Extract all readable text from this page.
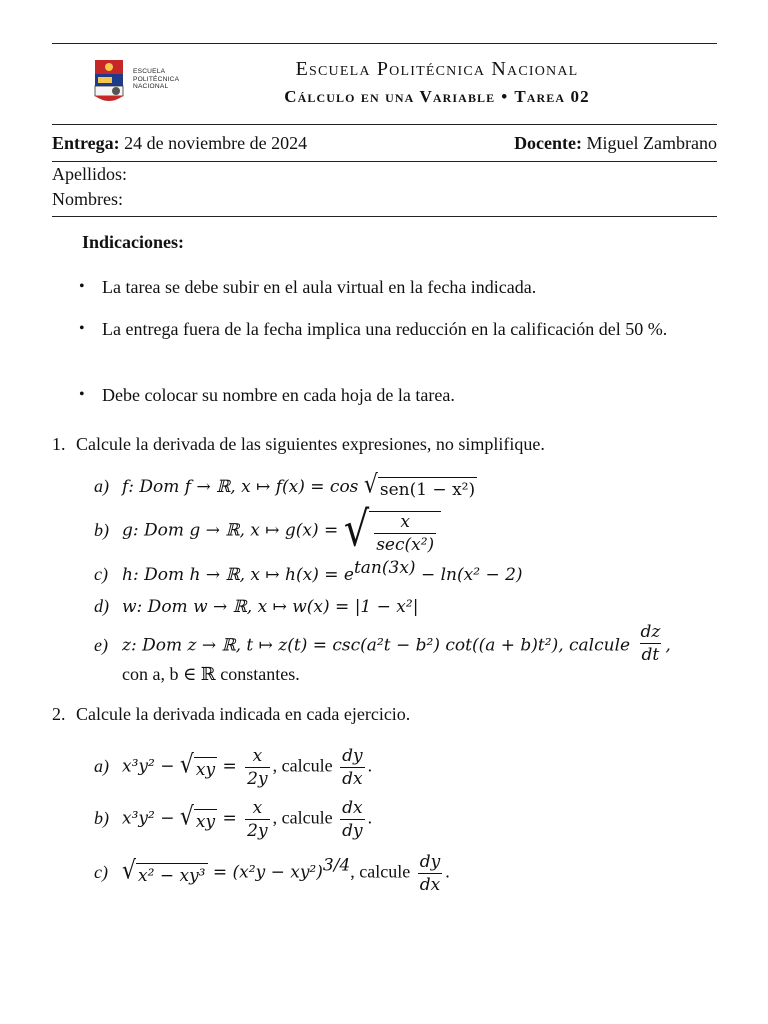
ESCUELA
POLITÉCNICA
NACIONAL
Escuela Politécnica Nacional
Cálculo en una Variable • Tarea 02
Entrega: 24 de noviembre de 2024	Docente: Miguel Zambrano
Apellidos:
Nombres:
Indicaciones:
• La tarea se debe subir en el aula virtual en la fecha indicada.
• La entrega fuera de la fecha implica una reducción en la calificación del 50 %.
• Debe colocar su nombre en cada hoja de la tarea.
1. Calcule la derivada de las siguientes expresiones, no simplifique.
a) f: Dom f → ℝ, x ↦ f(x) = cos √ sen(1 − x²)
b) g: Dom g → ℝ, x ↦ g(x) = √ $\frac{x}{\text{sec(x²)}}$
c) h: Dom h → ℝ, x ↦ $h(x) = e^{tan(3x)} - \ln(x^2 - 2)$
d) w: Dom w → ℝ, x ↦ w(x) = |1 − x²|
e) z: Dom z → ℝ, t ↦ z(t) = csc(a²t − b²) cot((a + b)t²), calcule $\frac{dz}{dt}$ ,
con a, b ∈ ℝ constantes.
2. Calcule la derivada indicada en cada ejercicio.
a) x³y² − √ xy = $\frac{x}{2y}$ , calcule $\frac{dy}{dx}$ .
b) x³y² − √ xy = $\frac{x}{2y}$ , calcule $\frac{dx}{dy}$ .
c) √ $x^2 - xy^3 = (x^2y - xy^2)^{3/4}$, calcule $\frac{dy}{dx}$ .
